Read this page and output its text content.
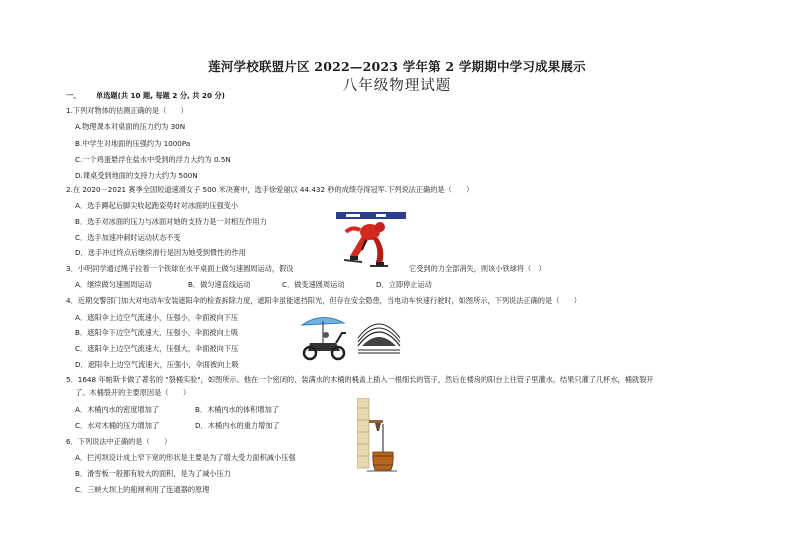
莲河学校联盟片区 2022—2023 学年第 2 学期期中学习成果展示
八年级物理试题
一、 单选题(共 10 题, 每题 2 分, 共 20 分)
1.下列对物体的估测正确的是（　　）
A.物理课本对桌面的压力约为 30N
B.中学生对地面的压强约为 1000Pa
C.一个鸡蛋悬浮在盐水中受到的浮力大约为 0.5N
D.课桌受到地面的支持力大约为 500N
2.在 2020－2021 赛季全国短道速滑女子 500 米决赛中，选手徐爱丽以 44.432 秒的成绩夺得冠军.下列说法正确的是（　　）
A．选手蹲起后脚尖收起跑姿势时对冰面的压强变小
B．选手对冰面的压力与冰面对她的支持力是一对相互作用力
C．选手加速冲刺时运动状态不变
D．选手冲过终点后继续滑行是因为她受到惯性的作用
3．小明同学通过绳子拉着一个铁球在水平桌面上做匀速圆周运动，假设	它受到的力全部消失，则该小铁球将（　）
A．继续做匀速圆周运动	B．做匀速直线运动	C．做变速圆周运动	D．立即停止运动
4．近期交警部门加大对电动车安装遮阳伞的检查拆除力度，遮阳伞虽能遮挡阳光，但存在安全隐患，当电动车快速行驶时，如图所示，下列说法正确的是（　　）
A．遮阳伞上边空气流速小，压强小，伞面被向下压
B．遮阳伞下边空气流速大，压强小，伞面被向上吸
C．遮阳伞上边空气流速大，压强大，伞面被向下压
D．遮阳伞上边空气流速大，压强小，伞面被向上吸
5．1648 年帕斯卡做了著名的 "裂桶实验"，如图所示。他在一个密闭的、装满水的木桶的桶盖上插入一根细长的管子，然后在楼房的阳台上往管子里灌水，结果只灌了几杯水，桶就裂开
了。木桶裂开的主要原因是（　　）
A．木桶内水的密度增加了	B．木桶内水的体积增加了
C．水对木桶的压力增加了	D．木桶内水的重力增加了
6．下列说法中正确的是（　　）
A．拦河坝设计成上窄下宽的形状是主要是为了增大受力面积减小压强
B．滑雪板一般都有较大的面积，是为了减小压力
C．三峡大坝上的船闸利用了连通器的原理
